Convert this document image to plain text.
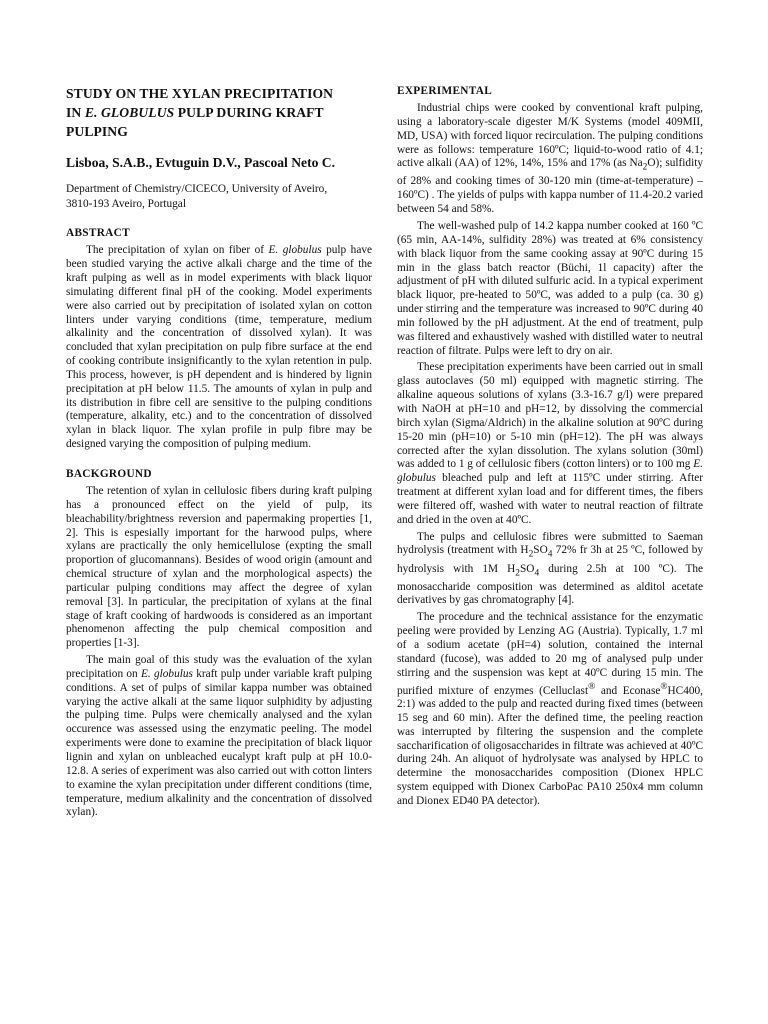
STUDY ON THE XYLAN PRECIPITATION
IN E. GLOBULUS PULP DURING KRAFT
PULPING
Lisboa, S.A.B., Evtuguin D.V., Pascoal Neto C.
Department of Chemistry/CICECO, University of Aveiro,
3810-193 Aveiro, Portugal
ABSTRACT

The precipitation of xylan on fiber of E. globulus pulp have been studied varying the active alkali charge and the time of the kraft pulping as well as in model experiments with black liquor simulating different final pH of the cooking. Model experiments were also carried out by precipitation of isolated xylan on cotton linters under varying conditions (time, temperature, medium alkalinity and the concentration of dissolved xylan). It was concluded that xylan precipitation on pulp fibre surface at the end of cooking contribute insignificantly to the xylan retention in pulp. This process, however, is pH dependent and is hindered by lignin precipitation at pH below 11.5. The amounts of xylan in pulp and its distribution in fibre cell are sensitive to the pulping conditions (temperature, alkality, etc.) and to the concentration of dissolved xylan in black liquor. The xylan profile in pulp fibre may be designed varying the composition of pulping medium.

BACKGROUND

The retention of xylan in cellulosic fibers during kraft pulping has a pronounced effect on the yield of pulp, its bleachability/brightness reversion and papermaking properties [1, 2]. This is espesially important for the harwood pulps, where xylans are practically the only hemicellulose (expting the small proportion of glucomannans). Besides of wood origin (amount and chemical structure of xylan and the morphological aspects) the particular pulping conditions may affect the degree of xylan removal [3]. In particular, the precipitation of xylans at the final stage of kraft cooking of hardwoods is considered as an important phenomenon affecting the pulp chemical composition and properties [1-3].

The main goal of this study was the evaluation of the xylan precipitation on E. globulus kraft pulp under variable kraft pulping conditions. A set of pulps of similar kappa number was obtained varying the active alkali at the same liquor sulphidity by adjusting the pulping time. Pulps were chemically analysed and the xylan occurence was assessed using the enzymatic peeling. The model experiments were done to examine the precipitation of black liquor lignin and xylan on unbleached eucalypt kraft pulp at pH 10.0-12.8. A series of experiment was also carried out with cotton linters to examine the xylan precipitation under different conditions (time, temperature, medium alkalinity and the concentration of dissolved xylan).

EXPERIMENTAL

Industrial chips were cooked by conventional kraft pulping, using a laboratory-scale digester M/K Systems (model 409MII, MD, USA) with forced liquor recirculation. The pulping conditions were as follows: temperature 160ºC; liquid-to-wood ratio of 4.1; active alkali (AA) of 12%, 14%, 15% and 17% (as $Na_2O$); sulfidity of 28% and cooking times of 30-120 min (time-at-temperature) – 160ºC) . The yields of pulps with kappa number of 11.4-20.2 varied between 54 and 58%.

The well-washed pulp of 14.2 kappa number cooked at 160 ºC (65 min, AA-14%, sulfidity 28%) was treated at 6% consistency with black liquor from the same cooking assay at 90ºC during 15 min in the glass batch reactor (Büchi, 1l capacity) after the adjustment of pH with diluted sulfuric acid. In a typical experiment black liquor, pre-heated to 50ºC, was added to a pulp (ca. 30 g) under stirring and the temperature was increased to 90ºC during 40 min followed by the pH adjustment. At the end of treatment, pulp was filtered and exhaustively washed with distilled water to neutral reaction of filtrate. Pulps were left to dry on air.

These precipitation experiments have been carried out in small glass autoclaves (50 ml) equipped with magnetic stirring. The alkaline aqueous solutions of xylans (3.3-16.7 g/l) were prepared with NaOH at pH=10 and pH=12, by dissolving the commercial birch xylan (Sigma/Aldrich) in the alkaline solution at 90ºC during 15-20 min (pH=10) or 5-10 min (pH=12). The pH was always corrected after the xylan dissolution. The xylans solution (30ml) was added to 1 g of cellulosic fibers (cotton linters) or to 100 mg E. globulus bleached pulp and left at 115ºC under stirring. After treatment at different xylan load and for different times, the fibers were filtered off, washed with water to neutral reaction of filtrate and dried in the oven at 40ºC.

The pulps and cellulosic fibres were submitted to Saeman hydrolysis (treatment with $H_2SO_4$ 72% fr 3h at 25 ºC, followed by hydrolysis with 1M $H_2SO_4$ during 2.5h at 100 ºC). The monosaccharide composition was determined as alditol acetate derivatives by gas chromatography [4].

The procedure and the technical assistance for the enzymatic peeling were provided by Lenzing AG (Austria). Typically, 1.7 ml of a sodium acetate (pH=4) solution, contained the internal standard (fucose), was added to 20 mg of analysed pulp under stirring and the suspension was kept at 40ºC during 15 min. The purified mixture of enzymes (Celluclast® and Econase®HC400, 2:1) was added to the pulp and reacted during fixed times (between 15 seg and 60 min). After the defined time, the peeling reaction was interrupted by filtering the suspension and the complete saccharification of oligosaccharides in filtrate was achieved at 40ºC during 24h. An aliquot of hydrolysate was analysed by HPLC to determine the monosaccharides composition (Dionex HPLC system equipped with Dionex CarboPac PA10 250x4 mm column and Dionex ED40 PA detector).
